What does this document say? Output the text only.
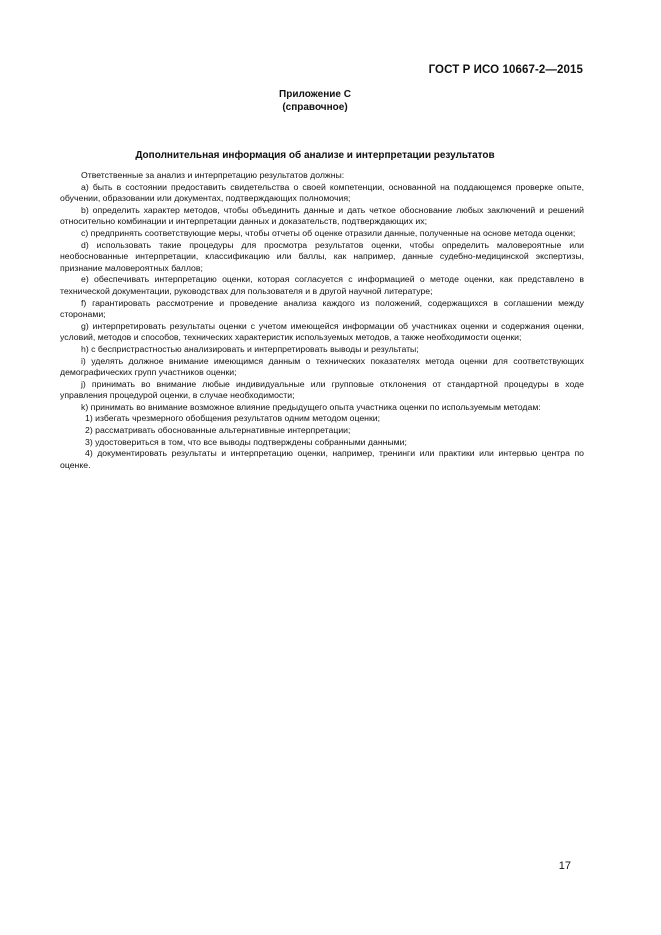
ГОСТ Р ИСО 10667-2—2015
Приложение С
(справочное)
Дополнительная информация об анализе и интерпретации результатов

Ответственные за анализ и интерпретацию результатов должны:

а) быть в состоянии предоставить свидетельства о своей компетенции, основанной на поддающемся проверке опыте, обучении, образовании или документах, подтверждающих полномочия;

b) определить характер методов, чтобы объединить данные и дать четкое обоснование любых заключений и решений относительно комбинации и интерпретации данных и доказательств, подтверждающих их;

c) предпринять соответствующие меры, чтобы отчеты об оценке отразили данные, полученные на основе метода оценки;

d) использовать такие процедуры для просмотра результатов оценки, чтобы определить маловероятные или необоснованные интерпретации, классификацию или баллы, как например, данные судебно-медицинской экспертизы, признание маловероятных баллов;

е) обеспечивать интерпретацию оценки, которая согласуется с информацией о методе оценки, как представлено в технической документации, руководствах для пользователя и в другой научной литературе;

f) гарантировать рассмотрение и проведение анализа каждого из положений, содержащихся в соглашении между сторонами;

g) интерпретировать результаты оценки с учетом имеющейся информации об участниках оценки и содержания оценки, условий, методов и способов, технических характеристик используемых методов, а также необходимости оценки;

h) с беспристрастностью анализировать и интерпретировать выводы и результаты;

i) уделять должное внимание имеющимся данным о технических показателях метода оценки для соответствующих демографических групп участников оценки;

j) принимать во внимание любые индивидуальные или групповые отклонения от стандартной процедуры в ходе управления процедурой оценки, в случае необходимости;

k) принимать во внимание возможное влияние предыдущего опыта участника оценки по используемым методам:

1) избегать чрезмерного обобщения результатов одним методом оценки;

2) рассматривать обоснованные альтернативные интерпретации;

3) удостовериться в том, что все выводы подтверждены собранными данными;

4) документировать результаты и интерпретацию оценки, например, тренинги или практики или интервью центра по оценке.

17
